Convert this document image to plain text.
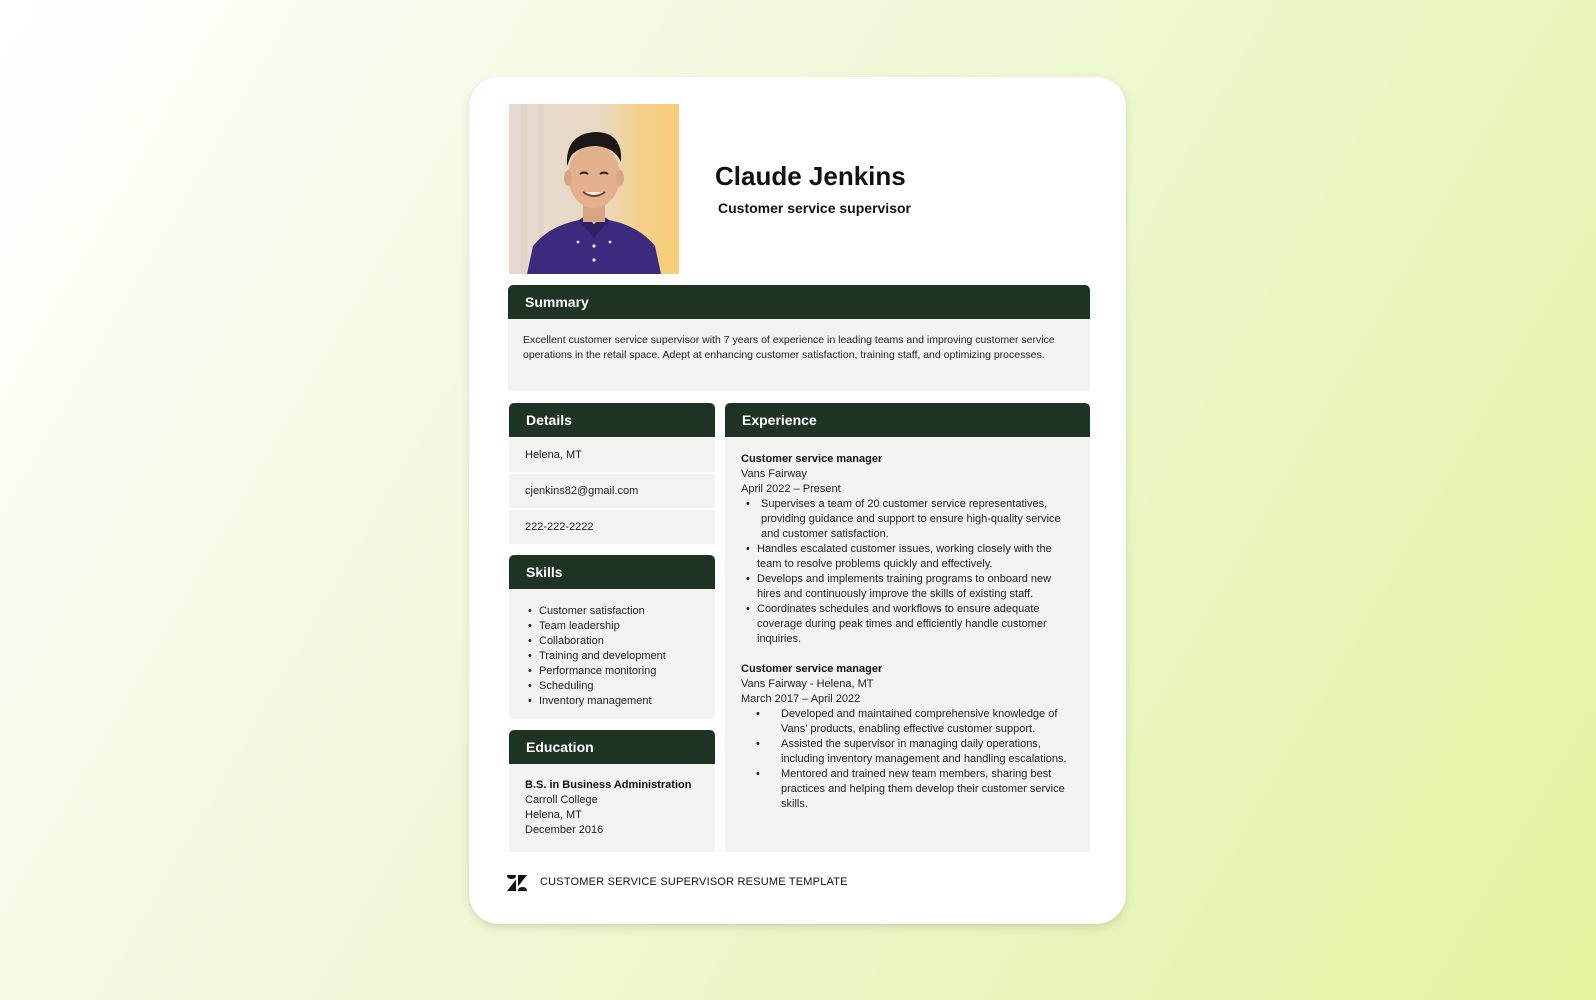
Claude Jenkins
Customer service supervisor
Summary
Excellent customer service supervisor with 7 years of experience in leading teams and improving customer service operations in the retail space. Adept at enhancing customer satisfaction, training staff, and optimizing processes.
Details
Helena, MT
cjenkins82@gmail.com
222-222-2222
Skills
• Customer satisfaction
• Team leadership
• Collaboration
• Training and development
• Performance monitoring
• Scheduling
• Inventory management
Education
B.S. in Business Administration
Carroll College
Helena, MT
December 2016
Experience
Customer service manager
Vans Fairway
April 2022 – Present
• Supervises a team of 20 customer service representatives, providing guidance and support to ensure high-quality service and customer satisfaction.
• Handles escalated customer issues, working closely with the team to resolve problems quickly and effectively.
• Develops and implements training programs to onboard new hires and continuously improve the skills of existing staff.
• Coordinates schedules and workflows to ensure adequate coverage during peak times and efficiently handle customer inquiries.
Customer service manager
Vans Fairway - Helena, MT
March 2017 – April 2022
• Developed and maintained comprehensive knowledge of Vans’ products, enabling effective customer support.
• Assisted the supervisor in managing daily operations, including inventory management and handling escalations.
• Mentored and trained new team members, sharing best practices and helping them develop their customer service skills.
CUSTOMER SERVICE SUPERVISOR RESUME TEMPLATE
